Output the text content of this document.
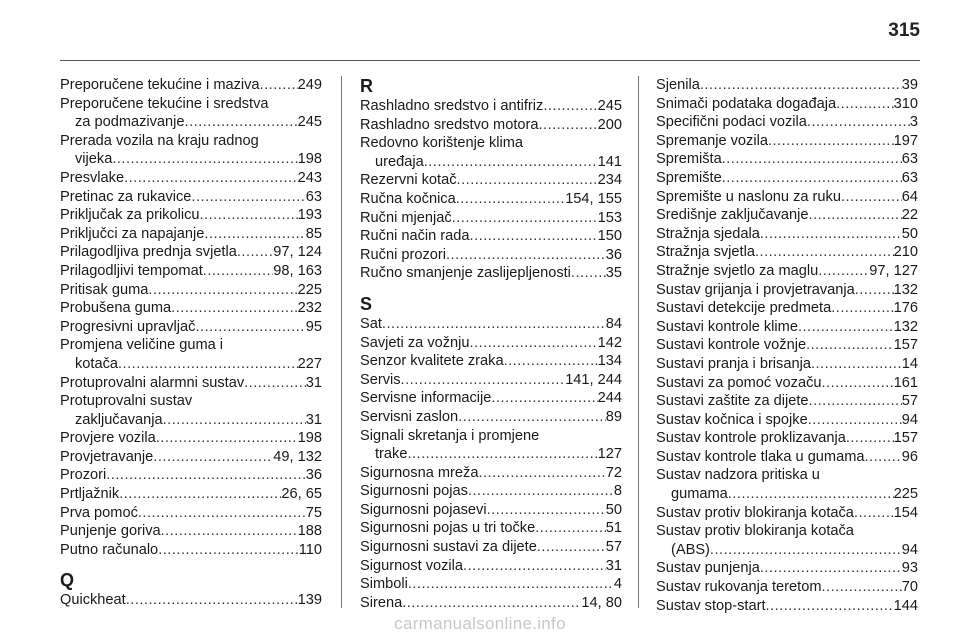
315
Preporučene tekućine i maziva .....	249
Preporučene tekućine i sredstva
za podmazivanje .....	245
Prerada vozila na kraju radnog
vijeka .....	198
Presvlake .....	243
Pretinac za rukavice .....	63
Priključak za prikolicu .....	193
Priključci za napajanje .....	85
Prilagodljiva prednja svjetla ..... 97, 124
Prilagodljivi tempomat .....	98, 163
Pritisak guma .....	225
Probušena guma .....	232
Progresivni upravljač .....	95
Promjena veličine guma i
kotača .....	227
Protuprovalni alarmni sustav .....	31
Protuprovalni sustav
zaključavanja .....	31
Provjere vozila .....	198
Provjetravanje .....	49, 132
Prozori .....	36
Prtljažnik .....	26, 65
Prva pomoć .....	75
Punjenje goriva .....	188
Putno računalo .....	110
Q
Quickheat .....	139
R
Rashladno sredstvo i antifriz .....	245
Rashladno sredstvo motora .....	200
Redovno korištenje klima
uređaja .....	141
Rezervni kotač .....	234
Ručna kočnica .....	154, 155
Ručni mjenjač .....	153
Ručni način rada .....	150
Ručni prozori .....	36
Ručno smanjenje zaslijepljenosti ..... 35
S
Sat .....	84
Savjeti za vožnju .....	142
Senzor kvalitete zraka .....	134
Servis .....	141, 244
Servisne informacije .....	244
Servisni zaslon .....	89
Signali skretanja i promjene
trake .....	127
Sigurnosna mreža .....	72
Sigurnosni pojas .....	8
Sigurnosni pojasevi .....	50
Sigurnosni pojas u tri točke .....	51
Sigurnosni sustavi za dijete .....	57
Sigurnost vozila .....	31
Simboli .....	4
Sirena .....	14, 80
Sjenila .....	39
Snimači podataka događaja .....	310
Specifični podaci vozila .....	3
Spremanje vozila .....	197
Spremišta .....	63
Spremište .....	63
Spremište u naslonu za ruku .....	64
Središnje zaključavanje .....	22
Stražnja sjedala .....	50
Stražnja svjetla .....	210
Stražnje svjetlo za maglu .....	97, 127
Sustav grijanja i provjetravanja .....	132
Sustavi detekcije predmeta .....	176
Sustavi kontrole klime .....	132
Sustavi kontrole vožnje .....	157
Sustavi pranja i brisanja .....	14
Sustavi za pomoć vozaču .....	161
Sustavi zaštite za dijete .....	57
Sustav kočnica i spojke .....	94
Sustav kontrole proklizavanja .....	157
Sustav kontrole tlaka u gumama .....	96
Sustav nadzora pritiska u
gumama .....	225
Sustav protiv blokiranja kotača .....	154
Sustav protiv blokiranja kotača
(ABS) .....	94
Sustav punjenja .....	93
Sustav rukovanja teretom .....	70
Sustav stop-start .....	144
carmanualsonline.info
